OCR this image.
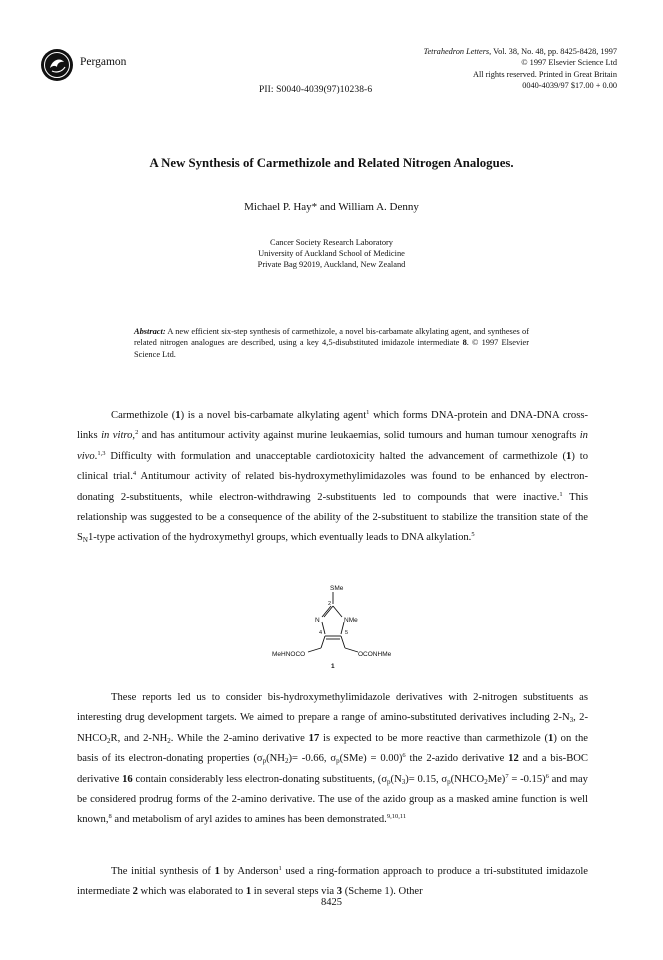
Pergamon
Tetrahedron Letters, Vol. 38, No. 48, pp. 8425-8428, 1997
© 1997 Elsevier Science Ltd
All rights reserved. Printed in Great Britain
0040-4039/97 $17.00 + 0.00
PII: S0040-4039(97)10238-6
A New Synthesis of Carmethizole and Related Nitrogen Analogues.
Michael P. Hay* and William A. Denny
Cancer Society Research Laboratory
University of Auckland School of Medicine
Private Bag 92019, Auckland, New Zealand
Abstract: A new efficient six-step synthesis of carmethizole, a novel bis-carbamate alkylating agent, and syntheses of related nitrogen analogues are described, using a key 4,5-disubstituted imidazole intermediate 8. © 1997 Elsevier Science Ltd.
Carmethizole (1) is a novel bis-carbamate alkylating agent$^1$ which forms DNA-protein and DNA-DNA cross-links in vitro,$^2$ and has antitumour activity against murine leukaemias, solid tumours and human tumour xenografts in vivo.$^{1,3}$ Difficulty with formulation and unacceptable cardiotoxicity halted the advancement of carmethizole (1) to clinical trial.$^4$ Antitumour activity of related bis-hydroxymethylimidazoles was found to be enhanced by electron-donating 2-substituents, while electron-withdrawing 2-substituents led to compounds that were inactive.$^1$ This relationship was suggested to be a consequence of the ability of the 2-substituent to stabilize the transition state of the $S_N1$-type activation of the hydroxymethyl groups, which eventually leads to DNA alkylation.$^5$
SMe
2
N	NMe
4	5
MeHNOCO	OCONHMe
1
These reports led us to consider bis-hydroxymethylimidazole derivatives with 2-nitrogen substituents as interesting drug development targets. We aimed to prepare a range of amino-substituted derivatives including $2-N_3$, $2-NHCO_2R$, and $2-NH_2$. While the 2-amino derivative 17 is expected to be more reactive than carmethizole (1) on the basis of its electron-donating properties ($\sigma_p(NH_2)= -0.66$, $\sigma_p(SMe) = 0.00)^6$ the 2-azido derivative 12 and a bis-BOC derivative 16 contain considerably less electron-donating substituents, ($\sigma_p(N_3)= 0.15$, $\sigma_p(NHCO_2Me)^7 = -0.15)^6$ and may be considered prodrug forms of the 2-amino derivative. The use of the azido group as a masked amine function is well known,$^8$ and metabolism of aryl azides to amines has been demonstrated.$^{9,10,11}$
The initial synthesis of 1 by Anderson$^1$ used a ring-formation approach to produce a tri-substituted imidazole intermediate 2 which was elaborated to 1 in several steps via 3 (Scheme 1). Other
8425
